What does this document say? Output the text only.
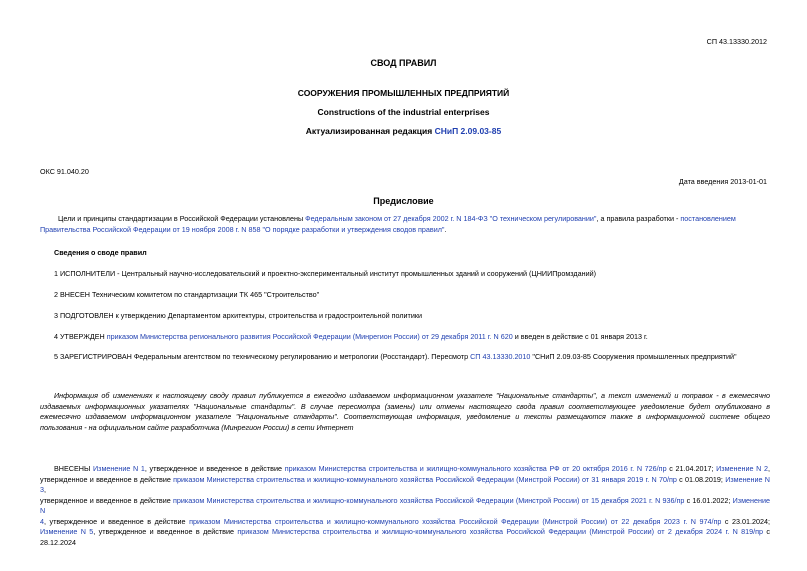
СП 43.13330.2012
СВОД ПРАВИЛ
СООРУЖЕНИЯ ПРОМЫШЛЕННЫХ ПРЕДПРИЯТИЙ
Constructions of the industrial enterprises
Актуализированная редакция СНиП 2.09.03-85
ОКС 91.040.20
Дата введения 2013-01-01
Предисловие
Цели и принципы стандартизации в Российской Федерации установлены Федеральным законом от 27 декабря 2002 г. N 184-ФЗ "О техническом регулировании", а правила разработки - постановлением
Правительства Российской Федерации от 19 ноября 2008 г. N 858 "О порядке разработки и утверждения сводов правил".
Сведения о своде правил
1 ИСПОЛНИТЕЛИ - Центральный научно-исследовательский и проектно-экспериментальный институт промышленных зданий и сооружений (ЦНИИПромзданий)
2 ВНЕСЕН Техническим комитетом по стандартизации ТК 465 "Строительство"
3 ПОДГОТОВЛЕН к утверждению Департаментом архитектуры, строительства и градостроительной политики
4 УТВЕРЖДЕН приказом Министерства регионального развития Российской Федерации (Минрегион России) от 29 декабря 2011 г. N 620 и введен в действие с 01 января 2013 г.
5 ЗАРЕГИСТРИРОВАН Федеральным агентством по техническому регулированию и метрологии (Росстандарт). Пересмотр СП 43.13330.2010 "СНиП 2.09.03-85 Сооружения промышленных предприятий"
Информация об изменениях к настоящему своду правил публикуется в ежегодно издаваемом информационном указателе "Национальные стандарты", а текст изменений и поправок - в ежемесячно
издаваемых информационных указателях "Национальные стандарты". В случае пересмотра (замены) или отмены настоящего свода правил соответствующее уведомление будет опубликовано в
ежемесячно издаваемом информационном указателе "Национальные стандарты". Соответствующая информация, уведомление и тексты размещаются также в информационной системе общего
пользования - на официальном сайте разработчика (Минрегион России) в сети Интернет
ВНЕСЕНЫ Изменение N 1, утвержденное и введенное в действие приказом Министерства строительства и жилищно-коммунального хозяйства РФ от 20 октября 2016 г. N 726/пр с 21.04.2017; Изменение N 2,
утвержденное и введенное в действие приказом Министерства строительства и жилищно-коммунального хозяйства Российской Федерации (Минстрой России) от 31 января 2019 г. N 70/пр с 01.08.2019; Изменение N 3,
утвержденное и введенное в действие приказом Министерства строительства и жилищно-коммунального хозяйства Российской Федерации (Минстрой России) от 15 декабря 2021 г. N 936/пр с 16.01.2022; Изменение N
4, утвержденное и введенное в действие приказом Министерства строительства и жилищно-коммунального хозяйства Российской Федерации (Минстрой России) от 22 декабря 2023 г. N 974/пр с 23.01.2024;
Изменение N 5, утвержденное и введенное в действие приказом Министерства строительства и жилищно-коммунального хозяйства Российской Федерации (Минстрой России) от 2 декабря 2024 г. N 819/пр с
28.12.2024
